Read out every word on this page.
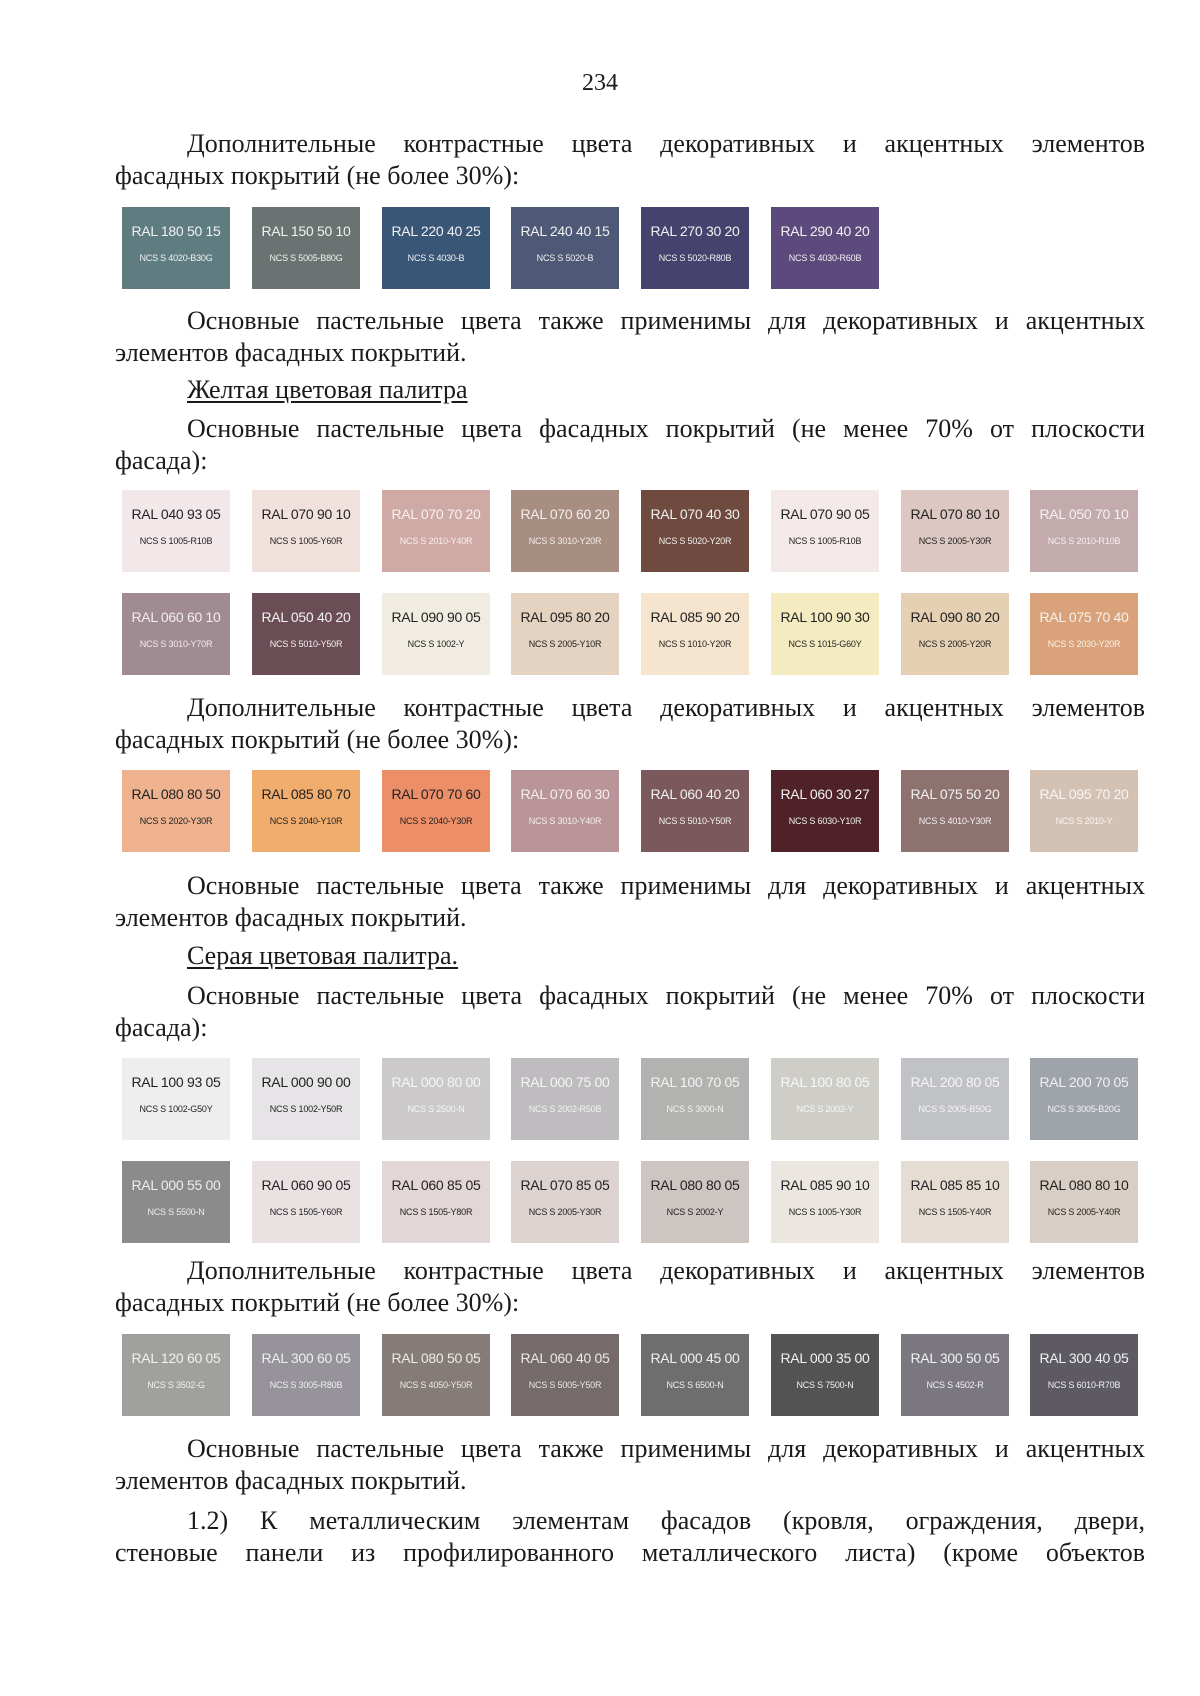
234

Дополнительные контрастные цвета декоративных и акцентных элементов

фасадных покрытий (не более 30%):

RAL 180 50 15
NCS S 4020-B30G
RAL 150 50 10
NCS S 5005-B80G
RAL 220 40 25
NCS S 4030-B
RAL 240 40 15
NCS S 5020-B
RAL 270 30 20
NCS S 5020-R80B
RAL 290 40 20
NCS S 4030-R60B

Основные пастельные цвета также применимы для декоративных и акцентных

элементов фасадных покрытий.

Желтая цветовая палитра

Основные пастельные цвета фасадных покрытий (не менее 70% от плоскости

фасада):

RAL 040 93 05
NCS S 1005-R10B
RAL 070 90 10
NCS S 1005-Y60R
RAL 070 70 20
NCS S 2010-Y40R
RAL 070 60 20
NCS S 3010-Y20R
RAL 070 40 30
NCS S 5020-Y20R
RAL 070 90 05
NCS S 1005-R10B
RAL 070 80 10
NCS S 2005-Y30R
RAL 050 70 10
NCS S 2010-R10B
RAL 060 60 10
NCS S 3010-Y70R
RAL 050 40 20
NCS S 5010-Y50R
RAL 090 90 05
NCS S 1002-Y
RAL 095 80 20
NCS S 2005-Y10R
RAL 085 90 20
NCS S 1010-Y20R
RAL 100 90 30
NCS S 1015-G60Y
RAL 090 80 20
NCS S 2005-Y20R
RAL 075 70 40
NCS S 2030-Y20R

Дополнительные контрастные цвета декоративных и акцентных элементов

фасадных покрытий (не более 30%):

RAL 080 80 50
NCS S 2020-Y30R
RAL 085 80 70
NCS S 2040-Y10R
RAL 070 70 60
NCS S 2040-Y30R
RAL 070 60 30
NCS S 3010-Y40R
RAL 060 40 20
NCS S 5010-Y50R
RAL 060 30 27
NCS S 6030-Y10R
RAL 075 50 20
NCS S 4010-Y30R
RAL 095 70 20
NCS S 2010-Y

Основные пастельные цвета также применимы для декоративных и акцентных

элементов фасадных покрытий.

Серая цветовая палитра.

Основные пастельные цвета фасадных покрытий (не менее 70% от плоскости

фасада):

RAL 100 93 05
NCS S 1002-G50Y
RAL 000 90 00
NCS S 1002-Y50R
RAL 000 80 00
NCS S 2500-N
RAL 000 75 00
NCS S 2002-R50B
RAL 100 70 05
NCS S 3000-N
RAL 100 80 05
NCS S 2002-Y
RAL 200 80 05
NCS S 2005-B50G
RAL 200 70 05
NCS S 3005-B20G
RAL 000 55 00
NCS S 5500-N
RAL 060 90 05
NCS S 1505-Y60R
RAL 060 85 05
NCS S 1505-Y80R
RAL 070 85 05
NCS S 2005-Y30R
RAL 080 80 05
NCS S 2002-Y
RAL 085 90 10
NCS S 1005-Y30R
RAL 085 85 10
NCS S 1505-Y40R
RAL 080 80 10
NCS S 2005-Y40R

Дополнительные контрастные цвета декоративных и акцентных элементов

фасадных покрытий (не более 30%):

RAL 120 60 05
NCS S 3502-G
RAL 300 60 05
NCS S 3005-R80B
RAL 080 50 05
NCS S 4050-Y50R
RAL 060 40 05
NCS S 5005-Y50R
RAL 000 45 00
NCS S 6500-N
RAL 000 35 00
NCS S 7500-N
RAL 300 50 05
NCS S 4502-R
RAL 300 40 05
NCS S 6010-R70B

Основные пастельные цвета также применимы для декоративных и акцентных

элементов фасадных покрытий.

1.2) К металлическим элементам фасадов (кровля, ограждения, двери,

стеновые панели из профилированного металлического листа) (кроме объектов
